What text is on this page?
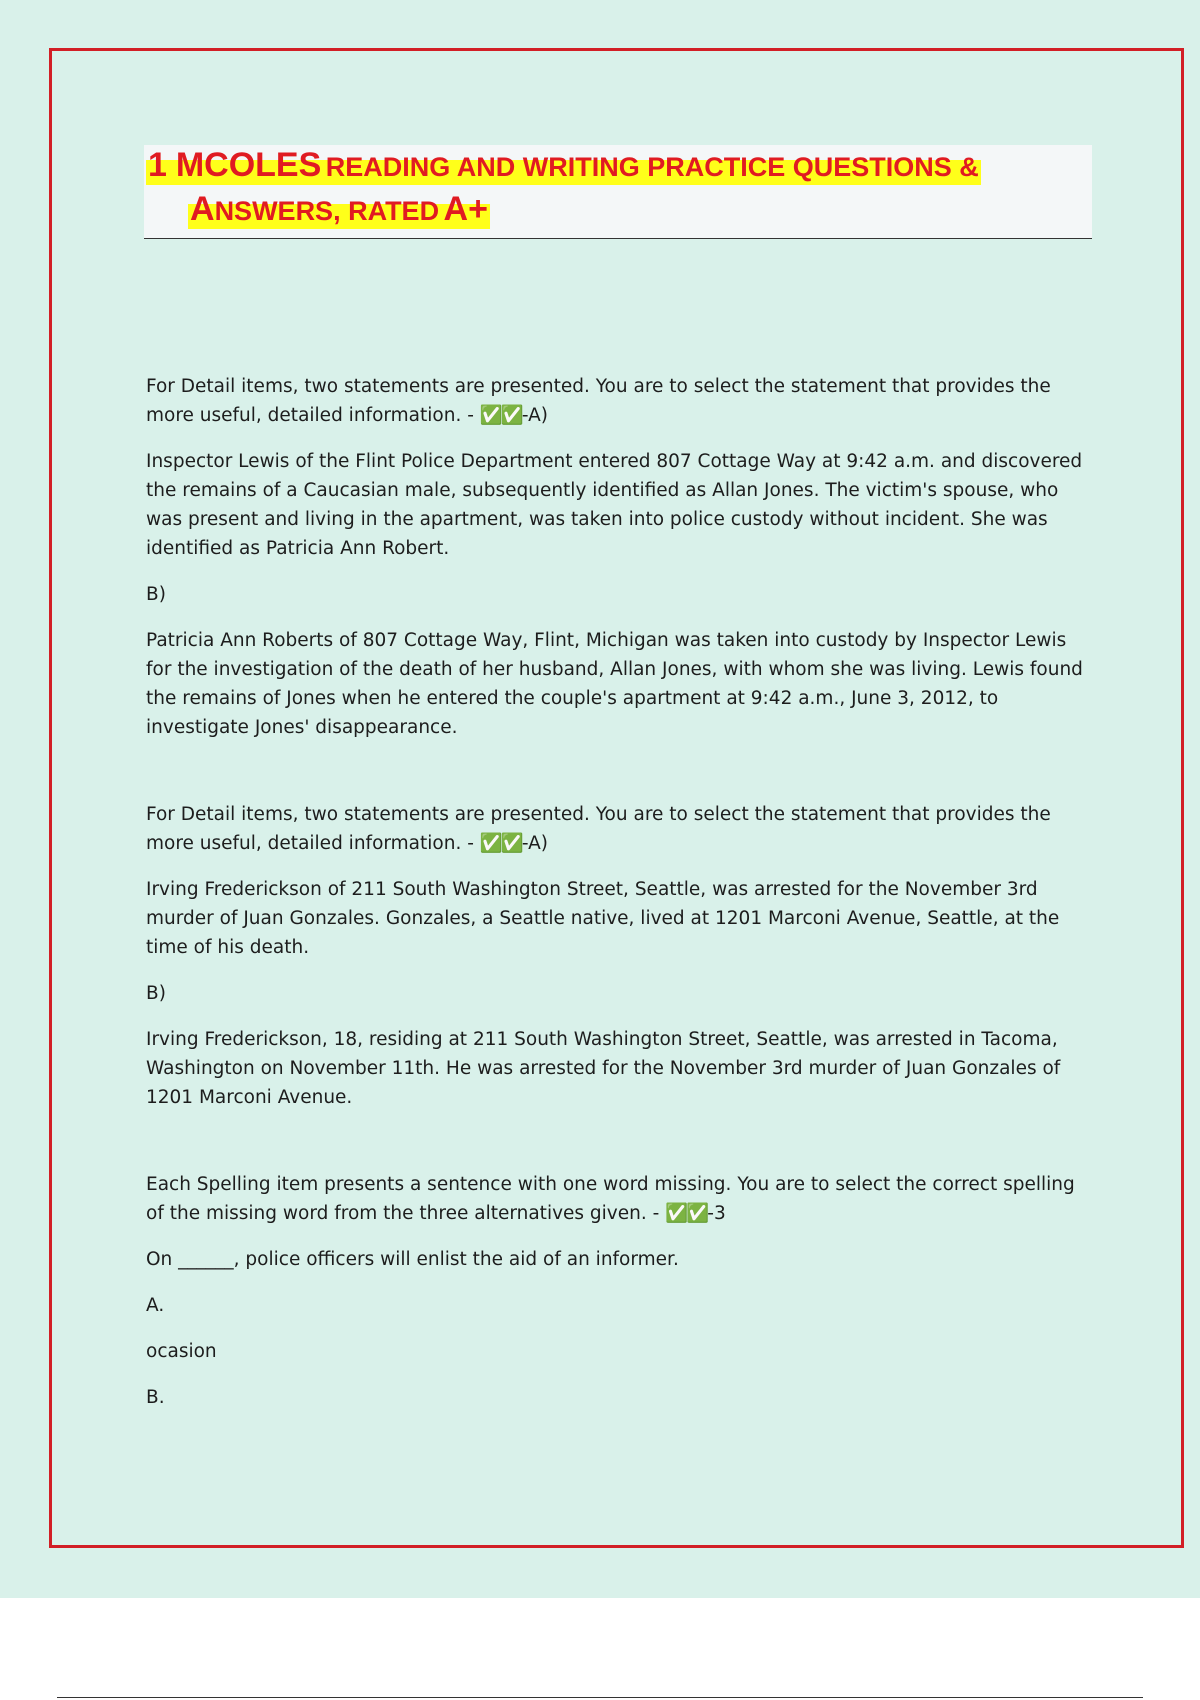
1 MCOLES READING AND WRITING PRACTICE QUESTIONS &
ANSWERS, RATED A+

For Detail items, two statements are presented. You are to select the statement that provides the more useful, detailed information. - ✅✅-A)

Inspector Lewis of the Flint Police Department entered 807 Cottage Way at 9:42 a.m. and discovered the remains of a Caucasian male, subsequently identified as Allan Jones. The victim's spouse, who was present and living in the apartment, was taken into police custody without incident. She was identified as Patricia Ann Robert.

B)

Patricia Ann Roberts of 807 Cottage Way, Flint, Michigan was taken into custody by Inspector Lewis for the investigation of the death of her husband, Allan Jones, with whom she was living. Lewis found the remains of Jones when he entered the couple's apartment at 9:42 a.m., June 3, 2012, to investigate Jones' disappearance.

For Detail items, two statements are presented. You are to select the statement that provides the more useful, detailed information. - ✅✅-A)

Irving Frederickson of 211 South Washington Street, Seattle, was arrested for the November 3rd murder of Juan Gonzales. Gonzales, a Seattle native, lived at 1201 Marconi Avenue, Seattle, at the time of his death.

B)

Irving Frederickson, 18, residing at 211 South Washington Street, Seattle, was arrested in Tacoma, Washington on November 11th. He was arrested for the November 3rd murder of Juan Gonzales of 1201 Marconi Avenue.

Each Spelling item presents a sentence with one word missing. You are to select the correct spelling of the missing word from the three alternatives given. - ✅✅-3

On ______, police officers will enlist the aid of an informer.

A.

ocasion

B.
